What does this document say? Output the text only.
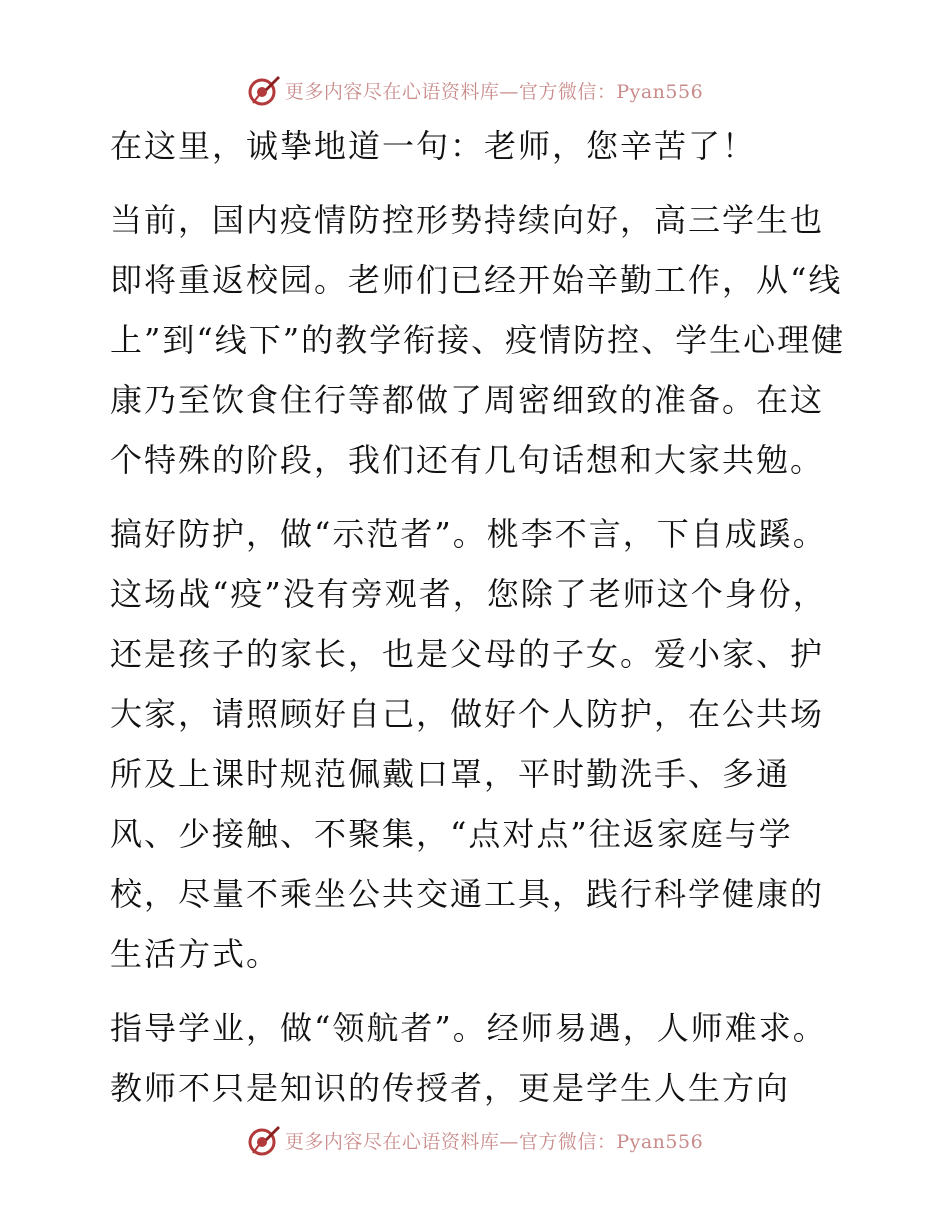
更多内容尽在心语资料库—官方微信：Pyan556

在这里，诚挚地道一句：老师，您辛苦了！

当前，国内疫情防控形势持续向好，高三学生也即将重返校园。老师们已经开始辛勤工作，从“线上”到“线下”的教学衔接、疫情防控、学生心理健康乃至饮食住行等都做了周密细致的准备。在这个特殊的阶段，我们还有几句话想和大家共勉。

搞好防护，做“示范者”。桃李不言，下自成蹊。这场战“疫”没有旁观者，您除了老师这个身份，还是孩子的家长，也是父母的子女。爱小家、护大家，请照顾好自己，做好个人防护，在公共场所及上课时规范佩戴口罩，平时勤洗手、多通风、少接触、不聚集，“点对点”往返家庭与学校，尽量不乘坐公共交通工具，践行科学健康的生活方式。

指导学业，做“领航者”。经师易遇，人师难求。教师不只是知识的传授者，更是学生人生方向

更多内容尽在心语资料库—官方微信：Pyan556
